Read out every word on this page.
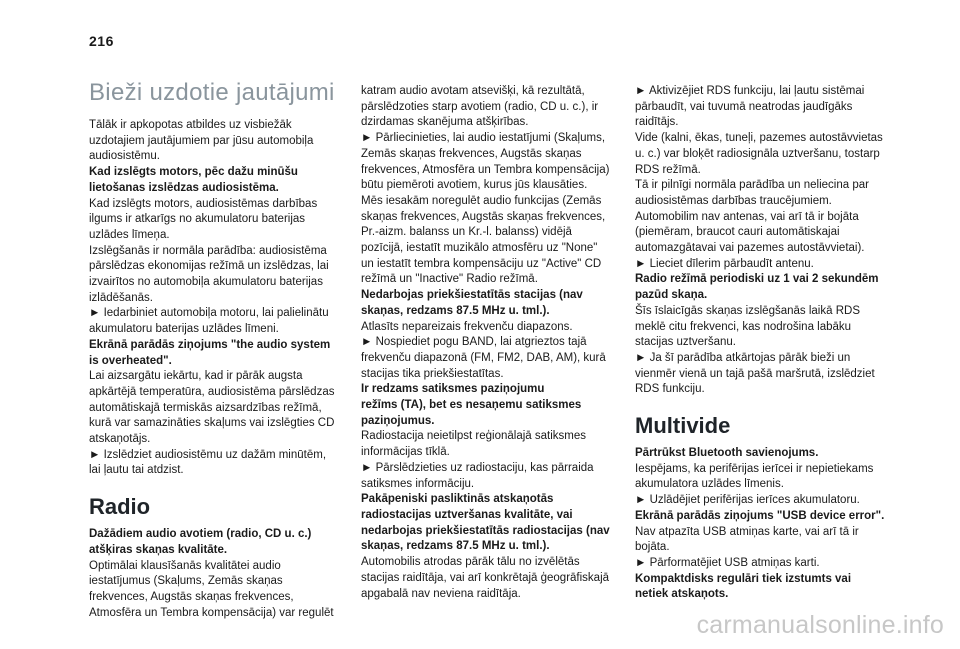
216
Bieži uzdotie jautājumi

Tālāk ir apkopotas atbildes uz visbiežāk

uzdotajiem jautājumiem par jūsu automobiļa

audiosistēmu.

Kad izslēgts motors, pēc dažu minūšu

lietošanas izslēdzas audiosistēma.

Kad izslēgts motors, audiosistēmas darbības

ilgums ir atkarīgs no akumulatoru baterijas

uzlādes līmeņa.

Izslēgšanās ir normāla parādība: audiosistēma

pārslēdzas ekonomijas režīmā un izslēdzas, lai

izvairītos no automobiļa akumulatoru baterijas

izlādēšanās.

► Iedarbiniet automobiļa motoru, lai palielinātu

akumulatoru baterijas uzlādes līmeni.

Ekrānā parādās ziņojums "the audio system

is overheated".

Lai aizsargātu iekārtu, kad ir pārāk augsta

apkārtējā temperatūra, audiosistēma pārslēdzas

automātiskajā termiskās aizsardzības režīmā,

kurā var samazināties skaļums vai izslēgties CD

atskaņotājs.

► Izslēdziet audiosistēmu uz dažām minūtēm,

lai ļautu tai atdzist.

Radio

Dažādiem audio avotiem (radio, CD u. c.)

atšķiras skaņas kvalitāte.

Optimālai klausīšanās kvalitātei audio

iestatījumus (Skaļums, Zemās skaņas

frekvences, Augstās skaņas frekvences,

Atmosfēra un Tembra kompensācija) var regulēt

katram audio avotam atsevišķi, kā rezultātā,

pārslēdzoties starp avotiem (radio, CD u. c.), ir

dzirdamas skanējuma atšķirības.

► Pārliecinieties, lai audio iestatījumi (Skaļums,

Zemās skaņas frekvences, Augstās skaņas

frekvences, Atmosfēra un Tembra kompensācija)

būtu piemēroti avotiem, kurus jūs klausāties.

Mēs iesakām noregulēt audio funkcijas (Zemās

skaņas frekvences, Augstās skaņas frekvences,

Pr.-aizm. balanss un Kr.-l. balanss) vidējā

pozīcijā, iestatīt muzikālo atmosfēru uz "None"

un iestatīt tembra kompensāciju uz "Active" CD

režīmā un "Inactive" Radio režīmā.

Nedarbojas priekšiestatītās stacijas (nav

skaņas, redzams 87.5 MHz u. tml.).

Atlasīts nepareizais frekvenču diapazons.

► Nospiediet pogu BAND, lai atgrieztos tajā

frekvenču diapazonā (FM, FM2, DAB, AM), kurā

stacijas tika priekšiestatītas.

Ir redzams satiksmes paziņojumu

režīms (TA), bet es nesaņemu satiksmes

paziņojumus.

Radiostacija neietilpst reģionālajā satiksmes

informācijas tīklā.

► Pārslēdzieties uz radiostaciju, kas pārraida

satiksmes informāciju.

Pakāpeniski pasliktinās atskaņotās

radiostacijas uztveršanas kvalitāte, vai

nedarbojas priekšiestatītās radiostacijas (nav

skaņas, redzams 87.5 MHz u. tml.).

Automobilis atrodas pārāk tālu no izvēlētās

stacijas raidītāja, vai arī konkrētajā ģeogrāfiskajā

apgabalā nav neviena raidītāja.

► Aktivizējiet RDS funkciju, lai ļautu sistēmai

pārbaudīt, vai tuvumā neatrodas jaudīgāks

raidītājs.

Vide (kalni, ēkas, tuneļi, pazemes autostāvvietas

u. c.) var bloķēt radiosignāla uztveršanu, tostarp

RDS režīmā.

Tā ir pilnīgi normāla parādība un neliecina par

audiosistēmas darbības traucējumiem.

Automobilim nav antenas, vai arī tā ir bojāta

(piemēram, braucot cauri automātiskajai

automazgātavai vai pazemes autostāvvietai).

► Lieciet dīlerim pārbaudīt antenu.

Radio režīmā periodiski uz 1 vai 2 sekundēm

pazūd skaņa.

Šīs īslaicīgās skaņas izslēgšanās laikā RDS

meklē citu frekvenci, kas nodrošina labāku

stacijas uztveršanu.

► Ja šī parādība atkārtojas pārāk bieži un

vienmēr vienā un tajā pašā maršrutā, izslēdziet

RDS funkciju.

Multivide

Pārtrūkst Bluetooth savienojums.

Iespējams, ka perifērijas ierīcei ir nepietiekams

akumulatora uzlādes līmenis.

► Uzlādējiet perifērijas ierīces akumulatoru.

Ekrānā parādās ziņojums "USB device error".

Nav atpazīta USB atmiņas karte, vai arī tā ir

bojāta.

► Pārformatējiet USB atmiņas karti.

Kompaktdisks regulāri tiek izstumts vai

netiek atskaņots.

carmanualsonline.info
